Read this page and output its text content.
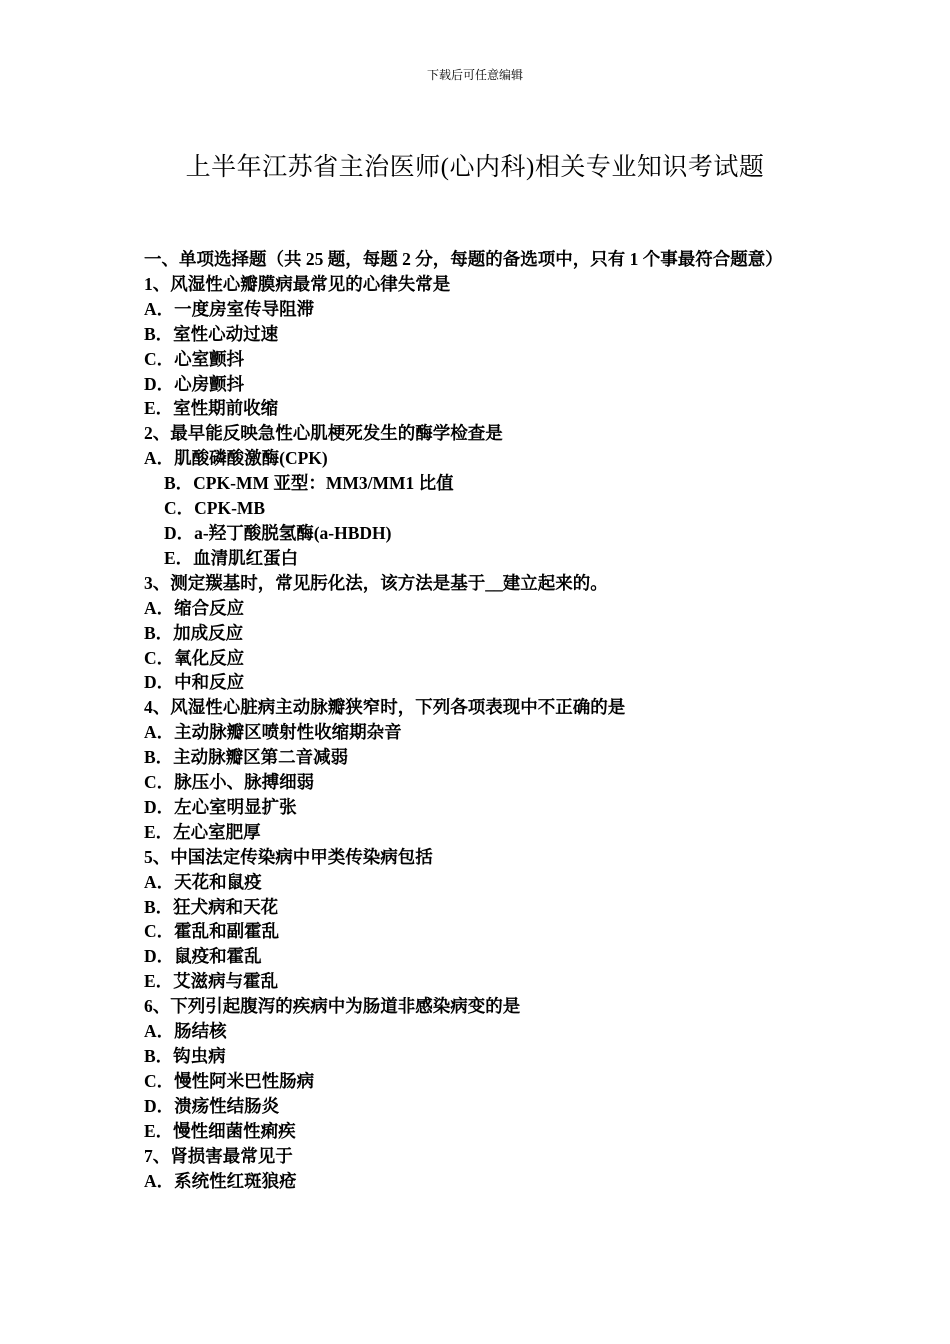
下载后可任意编辑
上半年江苏省主治医师(心内科)相关专业知识考试题
一、单项选择题（共 25 题，每题 2 分，每题的备选项中，只有 1 个事最符合题意）
1、风湿性心瓣膜病最常见的心律失常是
A．一度房室传导阻滞
B．室性心动过速
C．心室颤抖
D．心房颤抖
E．室性期前收缩
2、最早能反映急性心肌梗死发生的酶学检查是
A．肌酸磷酸激酶(CPK)
B．CPK-MM 亚型：MM3/MM1 比值
C．CPK-MB
D．a-羟丁酸脱氢酶(a-HBDH)
E．血清肌红蛋白
3、测定羰基时，常见肟化法，该方法是基于__建立起来的。
A．缩合反应
B．加成反应
C．氧化反应
D．中和反应
4、风湿性心脏病主动脉瓣狭窄时，下列各项表现中不正确的是
A．主动脉瓣区喷射性收缩期杂音
B．主动脉瓣区第二音减弱
C．脉压小、脉搏细弱
D．左心室明显扩张
E．左心室肥厚
5、中国法定传染病中甲类传染病包括
A．天花和鼠疫
B．狂犬病和天花
C．霍乱和副霍乱
D．鼠疫和霍乱
E．艾滋病与霍乱
6、下列引起腹泻的疾病中为肠道非感染病变的是
A．肠结核
B．钩虫病
C．慢性阿米巴性肠病
D．溃疡性结肠炎
E．慢性细菌性痢疾
7、肾损害最常见于
A．系统性红斑狼疮
